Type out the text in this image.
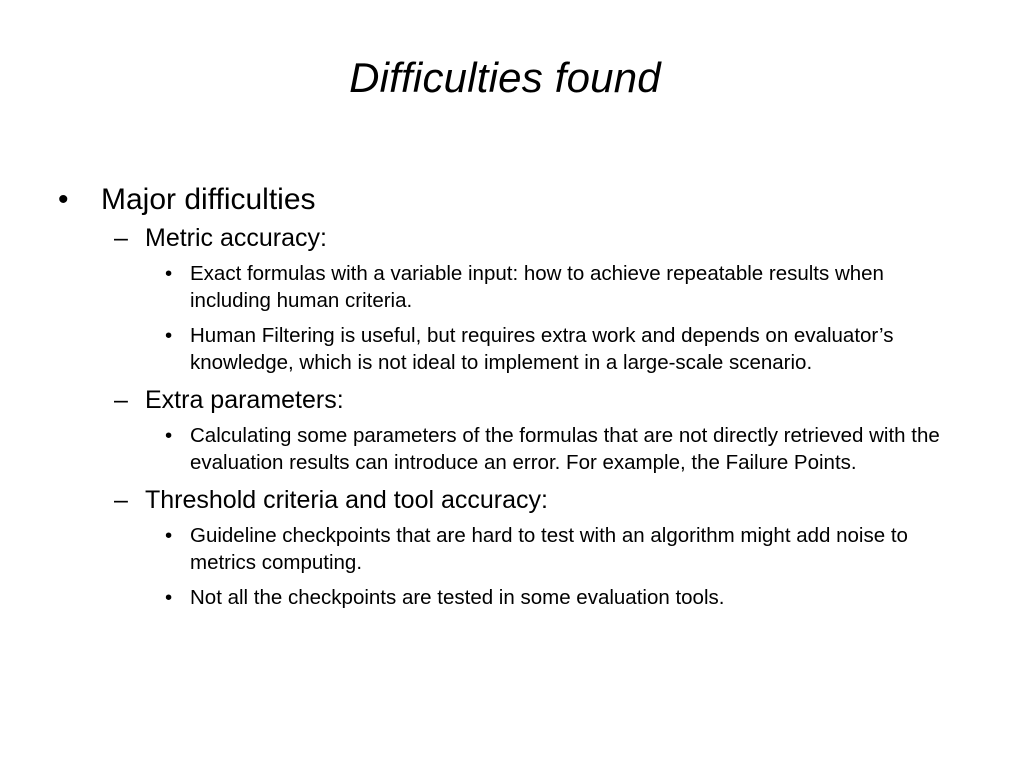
Difficulties found
•	Major difficulties
– Metric accuracy:
• Exact formulas with a variable input: how to achieve repeatable results when including human criteria.
• Human Filtering is useful, but requires extra work and depends on evaluator’s knowledge, which is not ideal to implement in a large-scale scenario.
– Extra parameters:
• Calculating some parameters of the formulas that are not directly retrieved with the evaluation results can introduce an error. For example, the Failure Points.
– Threshold criteria and tool accuracy:
• Guideline checkpoints that are hard to test with an algorithm might add noise to metrics computing.
• Not all the checkpoints are tested in some evaluation tools.
